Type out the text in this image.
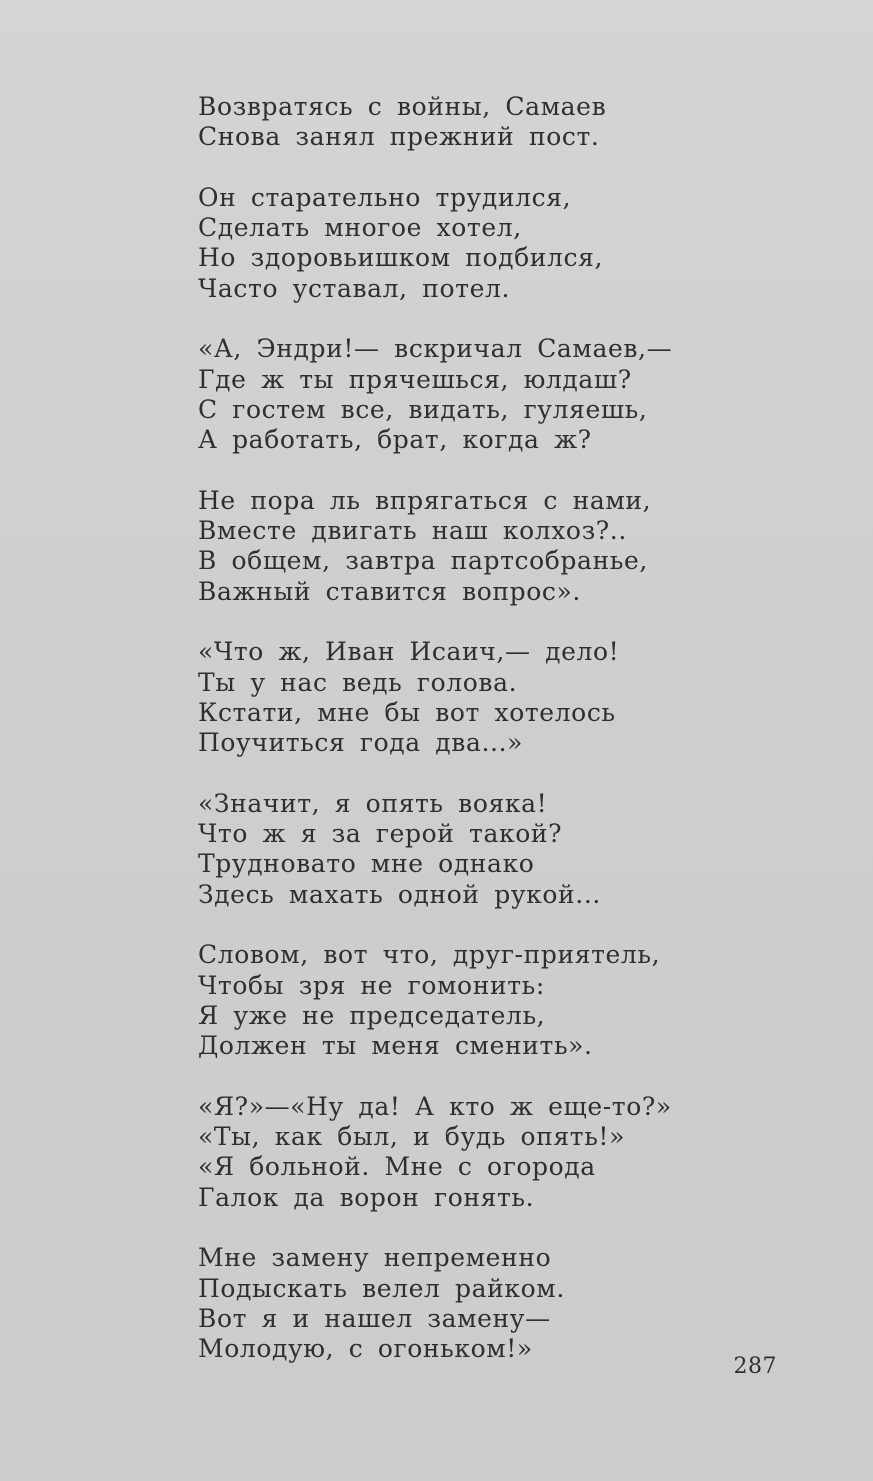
Возвратясь с войны, Самаев
Снова занял прежний пост.
Он старательно трудился,
Сделать многое хотел,
Но здоровьишком подбился,
Часто уставал, потел.
«А, Эндри!— вскричал Самаев,—
Где ж ты прячешься, юлдаш?
С гостем все, видать, гуляешь,
А работать, брат, когда ж?
Не пора ль впрягаться с нами,
Вместе двигать наш колхоз?..
В общем, завтра партсобранье,
Важный ставится вопрос».
«Что ж, Иван Исаич,— дело!
Ты у нас ведь голова.
Кстати, мне бы вот хотелось
Поучиться года два...»
«Значит, я опять вояка!
Что ж я за герой такой?
Трудновато мне однако
Здесь махать одной рукой...
Словом, вот что, друг-приятель,
Чтобы зря не гомонить:
Я уже не председатель,
Должен ты меня сменить».
«Я?»—«Ну да! А кто ж еще-то?»
«Ты, как был, и будь опять!»
«Я больной. Мне с огорода
Галок да ворон гонять.
Мне замену непременно
Подыскать велел райком.
Вот я и нашел замену—
Молодую, с огоньком!»
287
